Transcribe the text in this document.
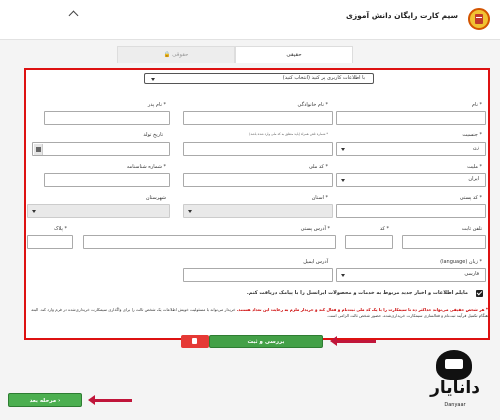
سیم کارت رایگان دانش آموزی
🔒 حقوقی	حقیقی
با اطلاعات کاربری پر کنید (انتخاب کنید)
* نام
* نام خانوادگی
* نام پدر
* جنسیت
زن
* شماره تلفن همراه (باید متعلق به کد ملی وارد شده باشد)
تاریخ تولد
* ملیت
ایران
* کد ملی
* شماره شناسنامه
* کد پستی
* استان
شهرستان
تلفن ثابت
* کد
* آدرس پستی
* پلاک
* زبان (language)
فارسی
آدرس ایمیل
مایلم اطلاعات و اخبار جدید مربوط به خدمات و محصولات ایرانسل را با پیامک دریافت کنم.
* هر شخص حقیقی می‌تواند حداکثر ده تا سیمکارت را با یک کد ملی ثبت‌نام و فعال کند و خریدار ملزم به رعایت این تعداد هستند. خریدار می‌تواند با مسئولیت خویش اطلاعات یک شخص ثالث را برای واگذاری سیمکارت خریداری‌شده در فرم وارد کند. البته هنگام تکمیل فرآیند ثبت‌نام و فعالسازی سیمکارت خریداری‌شده، حضور شخص ثالث الزامی است.
بررسی و ثبت
مرحله بعد ›
دانایار
Danyaar
